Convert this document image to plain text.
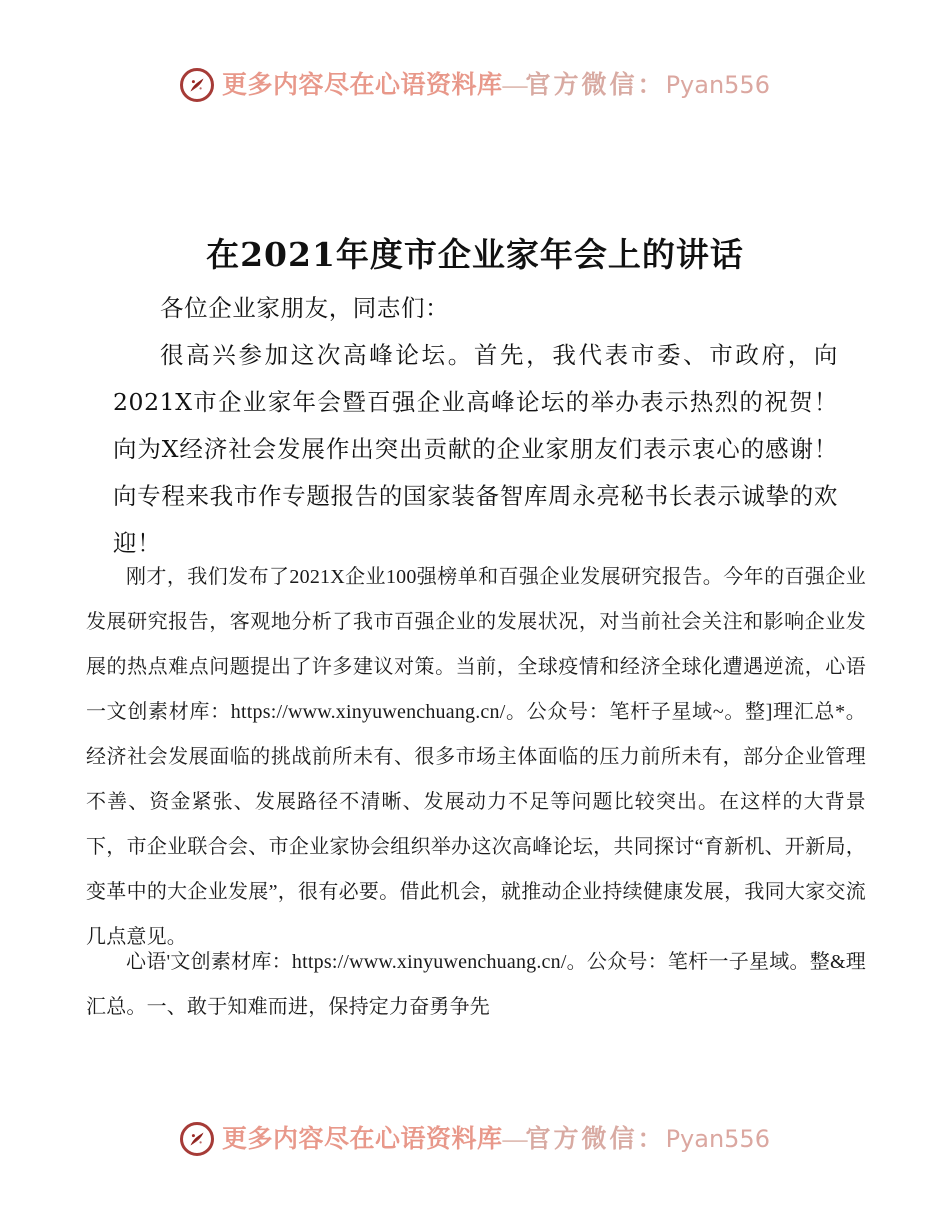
更多内容尽在心语资料库—官方微信：Pyan556
在2021年度市企业家年会上的讲话

各位企业家朋友，同志们：

很高兴参加这次高峰论坛。首先，我代表市委、市政府，向2021X市企业家年会暨百强企业高峰论坛的举办表示热烈的祝贺！向为X经济社会发展作出突出贡献的企业家朋友们表示衷心的感谢！向专程来我市作专题报告的国家装备智库周永亮秘书长表示诚挚的欢迎！

刚才，我们发布了2021X企业100强榜单和百强企业发展研究报告。今年的百强企业发展研究报告，客观地分析了我市百强企业的发展状况，对当前社会关注和影响企业发展的热点难点问题提出了许多建议对策。当前，全球疫情和经济全球化遭遇逆流，心语一文创素材库：https://www.xinyuwenchuang.cn/。公众号：笔杆子星域~。整]理汇总*。经济社会发展面临的挑战前所未有、很多市场主体面临的压力前所未有，部分企业管理不善、资金紧张、发展路径不清晰、发展动力不足等问题比较突出。在这样的大背景下，市企业联合会、市企业家协会组织举办这次高峰论坛，共同探讨“育新机、开新局，变革中的大企业发展”，很有必要。借此机会，就推动企业持续健康发展，我同大家交流几点意见。

心语'文创素材库：https://www.xinyuwenchuang.cn/。公众号：笔杆一子星域。整&理汇总。一、敢于知难而进，保持定力奋勇争先

更多内容尽在心语资料库—官方微信：Pyan556
